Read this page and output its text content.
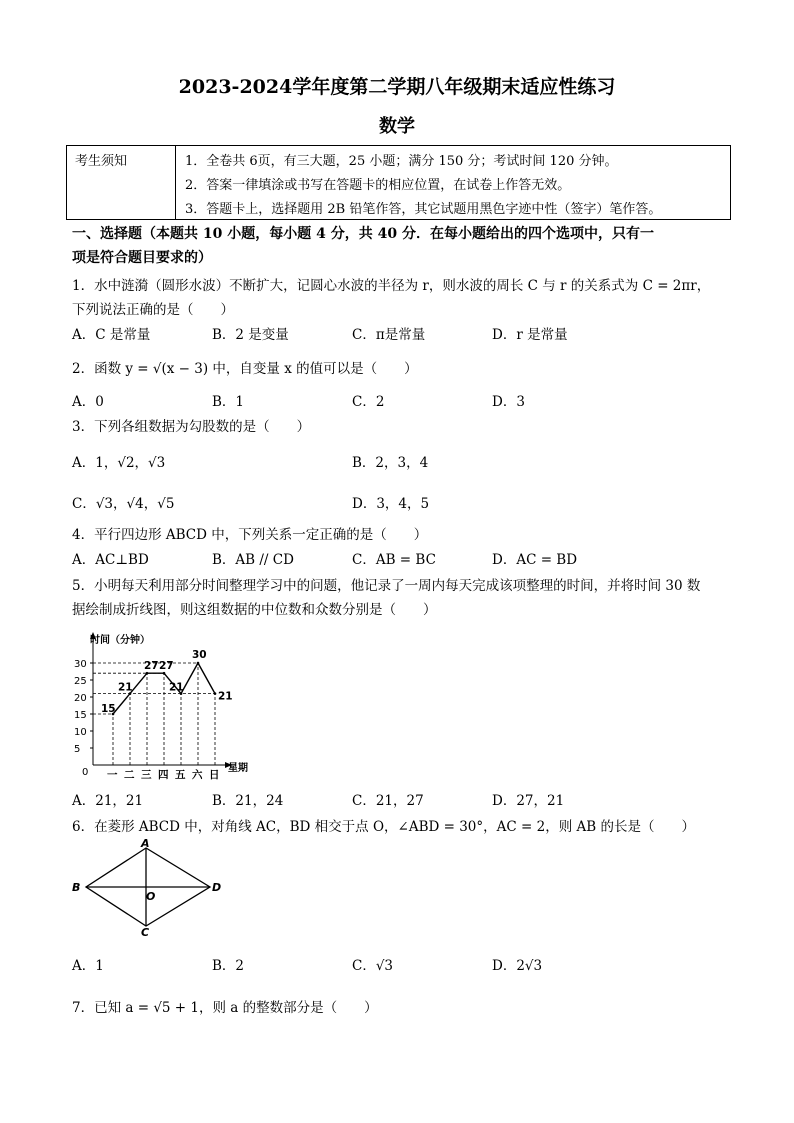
2023-2024学年度第二学期八年级期末适应性练习
数学
考生须知	1．全卷共 6页，有三大题，25 小题；满分 150 分；考试时间 120 分钟。
2．答案一律填涂或书写在答题卡的相应位置，在试卷上作答无效。
3．答题卡上，选择题用 2B 铅笔作答，其它试题用黑色字迹中性（签字）笔作答。
一、选择题（本题共 10 小题，每小题 4 分，共 40 分．在每小题给出的四个选项中，只有一
项是符合题目要求的）
1．水中涟漪（圆形水波）不断扩大，记圆心水波的半径为 r，则水波的周长 C 与 r 的关系式为 C = 2πr，
下列说法正确的是（　　）
A．C 是常量	B．2 是变量	C．π是常量	D．r 是常量
2．函数 y = √(x − 3) 中，自变量 x 的值可以是（　　）
A．0	B．1	C．2	D．3
3．下列各组数据为勾股数的是（　　）
A．1，√2，√3	B．2，3，4
C．√3，√4，√5	D．3，4，5
4．平行四边形 ABCD 中，下列关系一定正确的是（　　）
A．AC⊥BD	B．AB // CD	C．AB = BC	D．AC = BD
5．小明每天利用部分时间整理学习中的问题，他记录了一周内每天完成该项整理的时间，并将时间 30 数
据绘制成折线图，则这组数据的中位数和众数分别是（　　）
时间（分钟）
星期
0
5
10
15
20
25
30
一 二 三 四 五 六 日
15
21
27 27
21
30
21
A．21，21	B．21，24	C．21，27	D．27，21
6．在菱形 ABCD 中，对角线 AC，BD 相交于点 O，∠ABD = 30°，AC = 2，则 AB 的长是（　　）
A
B
C
D
O
A．1	B．2	C．√3	D．2√3
7．已知 a = √5 + 1，则 a 的整数部分是（　　）
